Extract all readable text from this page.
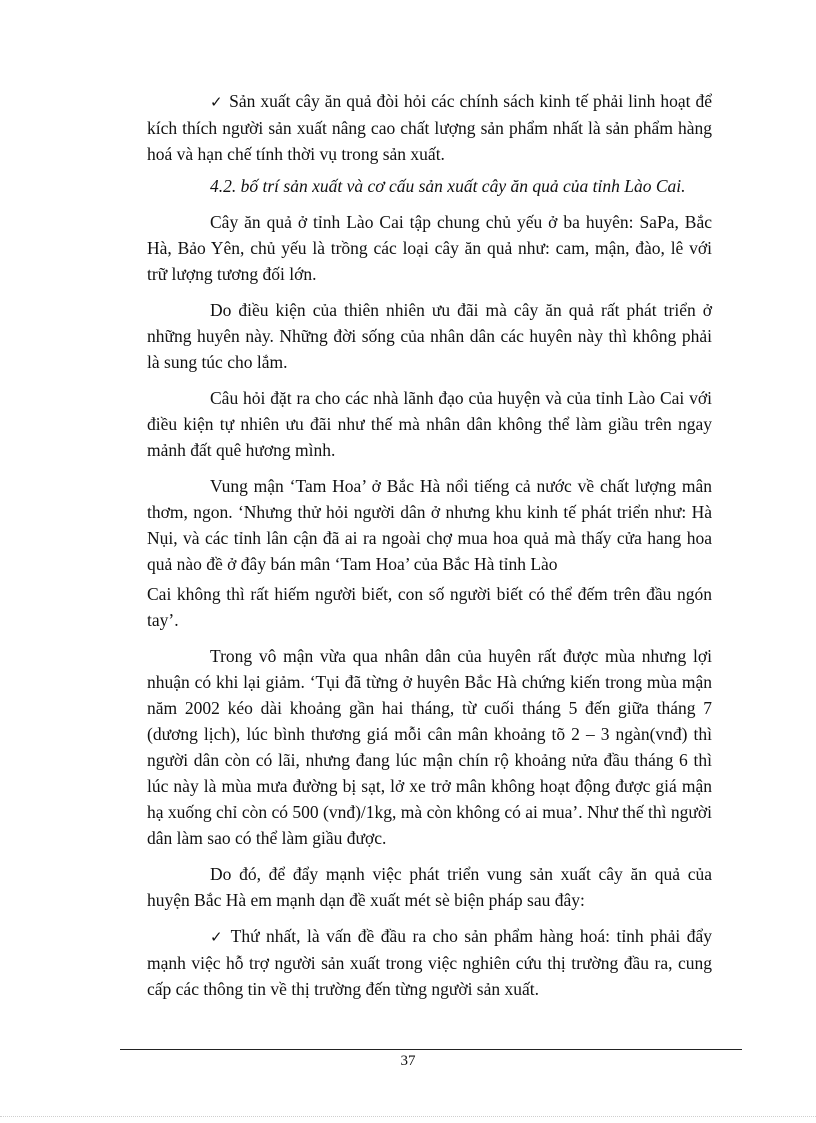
✓ Sản xuất cây ăn quả đòi hỏi các chính sách kinh tế phải linh hoạt để kích thích người sản xuất nâng cao chất lượng sản phẩm nhất là sản phẩm hàng hoá và hạn chế tính thời vụ trong sản xuất.

4.2. bố trí sản xuất và cơ cấu sản xuất cây ăn quả của tỉnh Lào Cai.

Cây ăn quả ở tỉnh Lào Cai tập chung chủ yếu ở ba huyên: SaPa, Bắc Hà, Bảo Yên, chủ yếu là trồng các loại cây ăn quả như: cam, mận, đào, lê với trữ lượng tương đối lớn.

Do điều kiện của thiên nhiên ưu đãi mà cây ăn quả rất phát triển ở những huyên này. Những đời sống của nhân dân các huyên này thì không phải là sung túc cho lắm.

Câu hỏi đặt ra cho các nhà lãnh đạo của huyện và của tỉnh Lào Cai với điều kiện tự nhiên ưu đãi như thế mà nhân dân không thể làm giầu trên ngay mảnh đất quê hương mình.

Vung mận ‘Tam Hoa’ ở Bắc Hà nổi tiếng cả nước về chất lượng mân thơm, ngon. ‘Nhưng thử hỏi người dân ở nhưng khu kinh tế phát triển như: Hà Nụi, và các tỉnh lân cận đã ai ra ngoài chợ mua hoa quả mà thấy cửa hang hoa quả nào đề ở đây bán mân ‘Tam Hoa’ của Bắc Hà tỉnh Lào

Cai không thì rất hiếm người biết, con số người biết có thể đếm trên đầu ngón tay’.

Trong vô mận vừa qua nhân dân của huyên rất được mùa nhưng lợi nhuận có khi lại giảm. ‘Tụi đã từng ở huyên Bắc Hà chứng kiến trong mùa mận năm 2002 kéo dài khoảng gần hai tháng, từ cuối tháng 5 đến giữa tháng 7 (dương lịch), lúc bình thương giá mỗi cân mân khoảng tõ 2 – 3 ngàn(vnđ) thì người dân còn có lãi, nhưng đang lúc mận chín rộ khoảng nửa đầu tháng 6 thì lúc này là mùa mưa đường bị sạt, lở xe trở mân không hoạt động được giá mận hạ xuống chỉ còn có 500 (vnđ)/1kg, mà còn không có ai mua’. Như thế thì người dân làm sao có thể làm giầu được.

Do đó, để đẩy mạnh việc phát triển vung sản xuất cây ăn quả của huyện Bắc Hà em mạnh dạn đề xuất mét sè biện pháp sau đây:

✓ Thứ nhất, là vấn đề đầu ra cho sản phẩm hàng hoá: tỉnh phải đẩy mạnh việc hỗ trợ người sản xuất trong việc nghiên cứu thị trường đầu ra, cung cấp các thông tin về thị trường đến từng người sản xuất.

37
